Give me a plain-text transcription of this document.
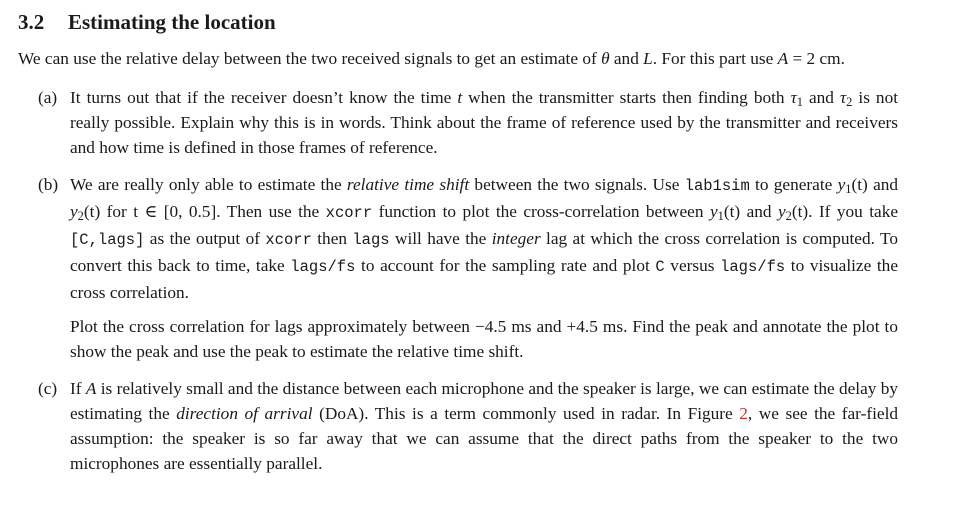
3.2 Estimating the location
We can use the relative delay between the two received signals to get an estimate of θ and L. For this part use A = 2 cm.
(a) It turns out that if the receiver doesn’t know the time t when the transmitter starts then finding both $\tau_1$ and $\tau_2$ is not really possible. Explain why this is in words. Think about the frame of reference used by the transmitter and receivers and how time is defined in those frames of reference.

(b) We are really only able to estimate the relative time shift between the two signals. Use lab1sim to generate $y_1(t)$ and $y_2(t)$ for t ∈ [0, 0.5]. Then use the xcorr function to plot the cross-correlation between $y_1(t)$ and $y_2(t)$. If you take [C,lags] as the output of xcorr then lags will have the integer lag at which the cross correlation is computed. To convert this back to time, take lags/fs to account for the sampling rate and plot C versus lags/fs to visualize the cross correlation.

Plot the cross correlation for lags approximately between −4.5 ms and +4.5 ms. Find the peak and annotate the plot to show the peak and use the peak to estimate the relative time shift.

(c) If A is relatively small and the distance between each microphone and the speaker is large, we can estimate the delay by estimating the direction of arrival (DoA). This is a term commonly used in radar. In Figure 2, we see the far-field assumption: the speaker is so far away that we can assume that the direct paths from the speaker to the two microphones are essentially parallel.
